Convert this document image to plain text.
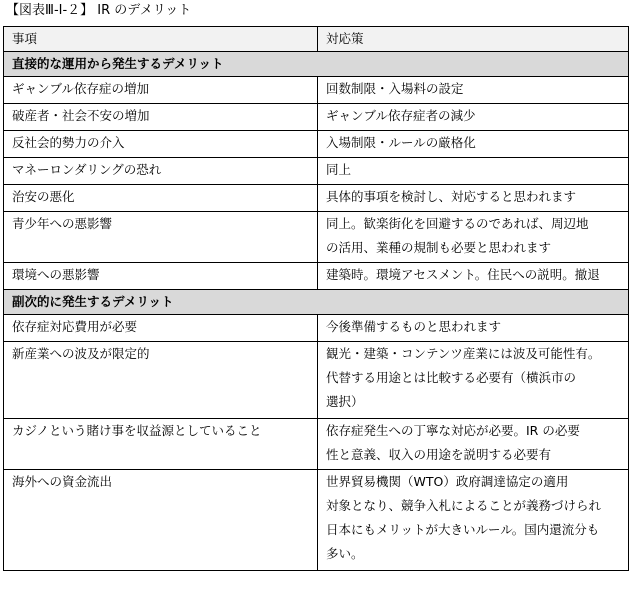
【図表Ⅲ-Ⅰ-２】 IR のデメリット
事項	対応策
直接的な運用から発生するデメリット	
ギャンブル依存症の増加	回数制限・入場料の設定

破産者・社会不安の増加	ギャンブル依存症者の減少

反社会的勢力の介入	入場制限・ルールの厳格化

マネーロンダリングの恐れ	同上

治安の悪化	具体的事項を検討し、対応すると思われます

青少年への悪影響	同上。歓楽街化を回避するのであれば、周辺地
の活用、業種の規制も必要と思われます

環境への悪影響	建築時。環境アセスメント。住民への説明。撤退

副次的に発生するデメリット	
依存症対応費用が必要	今後準備するものと思われます

新産業への波及が限定的	観光・建築・コンテンツ産業には波及可能性有。
代替する用途とは比較する必要有（横浜市の
選択）

カジノという賭け事を収益源としていること	依存症発生への丁寧な対応が必要。IR の必要
性と意義、収入の用途を説明する必要有

海外への資金流出	世界貿易機関（WTO）政府調達協定の適用
対象となり、競争入札によることが義務づけられ
日本にもメリットが大きいルール。国内還流分も
多い。
